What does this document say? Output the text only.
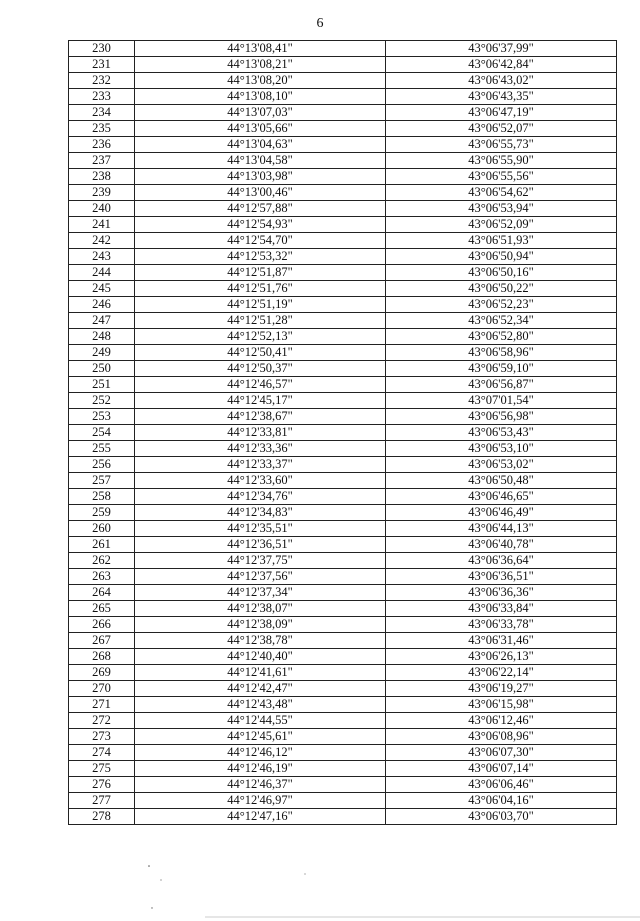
6
230	44°13'08,41"	43°06'37,99"
231	44°13'08,21"	43°06'42,84"
232	44°13'08,20"	43°06'43,02"
233	44°13'08,10"	43°06'43,35"
234	44°13'07,03"	43°06'47,19"
235	44°13'05,66"	43°06'52,07"
236	44°13'04,63"	43°06'55,73"
237	44°13'04,58"	43°06'55,90"
238	44°13'03,98"	43°06'55,56"
239	44°13'00,46"	43°06'54,62"
240	44°12'57,88"	43°06'53,94"
241	44°12'54,93"	43°06'52,09"
242	44°12'54,70"	43°06'51,93"
243	44°12'53,32"	43°06'50,94"
244	44°12'51,87"	43°06'50,16"
245	44°12'51,76"	43°06'50,22"
246	44°12'51,19"	43°06'52,23"
247	44°12'51,28"	43°06'52,34"
248	44°12'52,13"	43°06'52,80"
249	44°12'50,41"	43°06'58,96"
250	44°12'50,37"	43°06'59,10"
251	44°12'46,57"	43°06'56,87"
252	44°12'45,17"	43°07'01,54"
253	44°12'38,67"	43°06'56,98"
254	44°12'33,81"	43°06'53,43"
255	44°12'33,36"	43°06'53,10"
256	44°12'33,37"	43°06'53,02"
257	44°12'33,60"	43°06'50,48"
258	44°12'34,76"	43°06'46,65"
259	44°12'34,83"	43°06'46,49"
260	44°12'35,51"	43°06'44,13"
261	44°12'36,51"	43°06'40,78"
262	44°12'37,75"	43°06'36,64"
263	44°12'37,56"	43°06'36,51"
264	44°12'37,34"	43°06'36,36"
265	44°12'38,07"	43°06'33,84"
266	44°12'38,09"	43°06'33,78"
267	44°12'38,78"	43°06'31,46"
268	44°12'40,40"	43°06'26,13"
269	44°12'41,61"	43°06'22,14"
270	44°12'42,47"	43°06'19,27"
271	44°12'43,48"	43°06'15,98"
272	44°12'44,55"	43°06'12,46"
273	44°12'45,61"	43°06'08,96"
274	44°12'46,12"	43°06'07,30"
275	44°12'46,19"	43°06'07,14"
276	44°12'46,37"	43°06'06,46"
277	44°12'46,97"	43°06'04,16"
278	44°12'47,16"	43°06'03,70"
